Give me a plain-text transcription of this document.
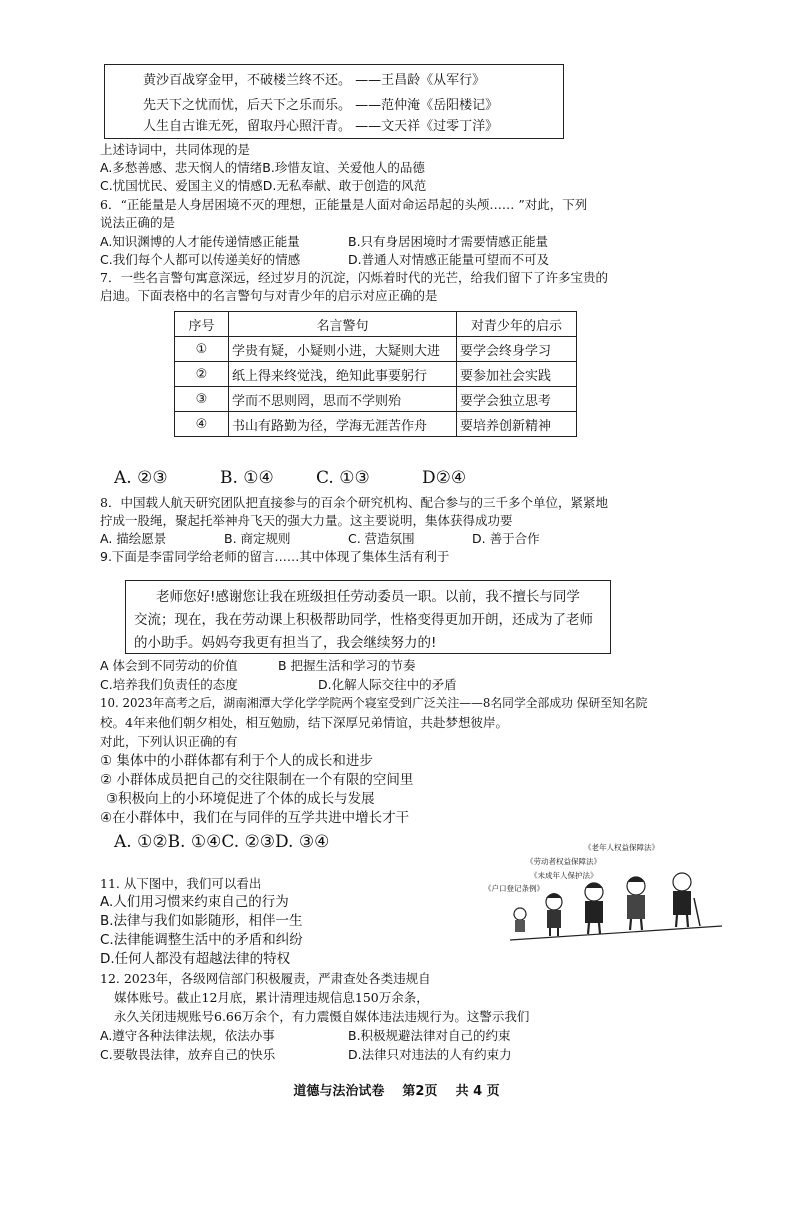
黄沙百战穿金甲，不破楼兰终不还。 ——王昌龄《从军行》
先天下之忧而忧，后天下之乐而乐。 ——范仲淹《岳阳楼记》
人生自古谁无死，留取丹心照汗青。 ——文天祥《过零丁洋》
上述诗词中，共同体现的是
A.多愁善感、悲天悯人的情绪B.珍惜友谊、关爱他人的品德
C.忧国忧民、爱国主义的情感D.无私奉献、敢于创造的风范
6．“正能量是人身居困境不灭的理想，正能量是人面对命运昂起的头颅…… ”对此，下列
说法正确的是
A.知识渊博的人才能传递情感正能量	B.只有身居困境时才需要情感正能量
C.我们每个人都可以传递美好的情感	D.普通人对情感正能量可望而不可及
7．一些名言警句寓意深远，经过岁月的沉淀，闪烁着时代的光芒，给我们留下了许多宝贵的
启迪。下面表格中的名言警句与对青少年的启示对应正确的是
序号	名言警句	对青少年的启示
①	学贵有疑，小疑则小进，大疑则大进	要学会终身学习
②	纸上得来终觉浅，绝知此事要躬行	要参加社会实践
③	学而不思则罔，思而不学则殆	要学会独立思考
④	书山有路勤为径，学海无涯苦作舟	要培养创新精神
A. ②③	B. ①④ C. ①③	D②④
8．中国载人航天研究团队把直接参与的百余个研究机构、配合参与的三千多个单位，紧紧地
拧成一股绳，聚起托举神舟飞天的强大力量。这主要说明，集体获得成功要
A. 描绘愿景	B. 商定规则	C. 营造氛围	D. 善于合作
9.下面是李雷同学给老师的留言……其中体现了集体生活有利于
老师您好!感谢您让我在班级担任劳动委员一职。以前，我不擅长与同学
交流；现在，我在劳动课上积极帮助同学，性格变得更加开朗，还成为了老师
的小助手。妈妈夸我更有担当了，我会继续努力的!
A 体会到不同劳动的价值	B 把握生活和学习的节奏
C.培养我们负责任的态度	D.化解人际交往中的矛盾
10. 2023年高考之后，湖南湘潭大学化学学院两个寝室受到广泛关注——8名同学全部成功 保研至知名院
校。4年来他们朝夕相处，相互勉励，结下深厚兄弟情谊，共赴梦想彼岸。
对此，下列认识正确的有
① 集体中的小群体都有利于个人的成长和进步
② 小群体成员把自己的交往限制在一个有限的空间里
③积极向上的小环境促进了个体的成长与发展
④在小群体中，我们在与同伴的互学共进中增长才干
A. ①②B. ①④C. ②③D. ③④
11. 从下图中，我们可以看出
A.人们用习惯来约束自己的行为
B.法律与我们如影随形，相伴一生
C.法律能调整生活中的矛盾和纠纷
D.任何人都没有超越法律的特权
《老年人权益保障法》
《劳动者权益保障法》
《未成年人保护法》
《户口登记条例》
12. 2023年，各级网信部门积极履责，严肃查处各类违规自
媒体账号。截止12月底，累计清理违规信息150万余条，
永久关闭违规账号6.66万余个，有力震慑自媒体违法违规行为。这警示我们
A.遵守各种法律法规，依法办事	B.积极规避法律对自己的约束
C.要敬畏法律，放弃自己的快乐	D.法律只对违法的人有约束力
道德与法治试卷    第2页    共 4 页
